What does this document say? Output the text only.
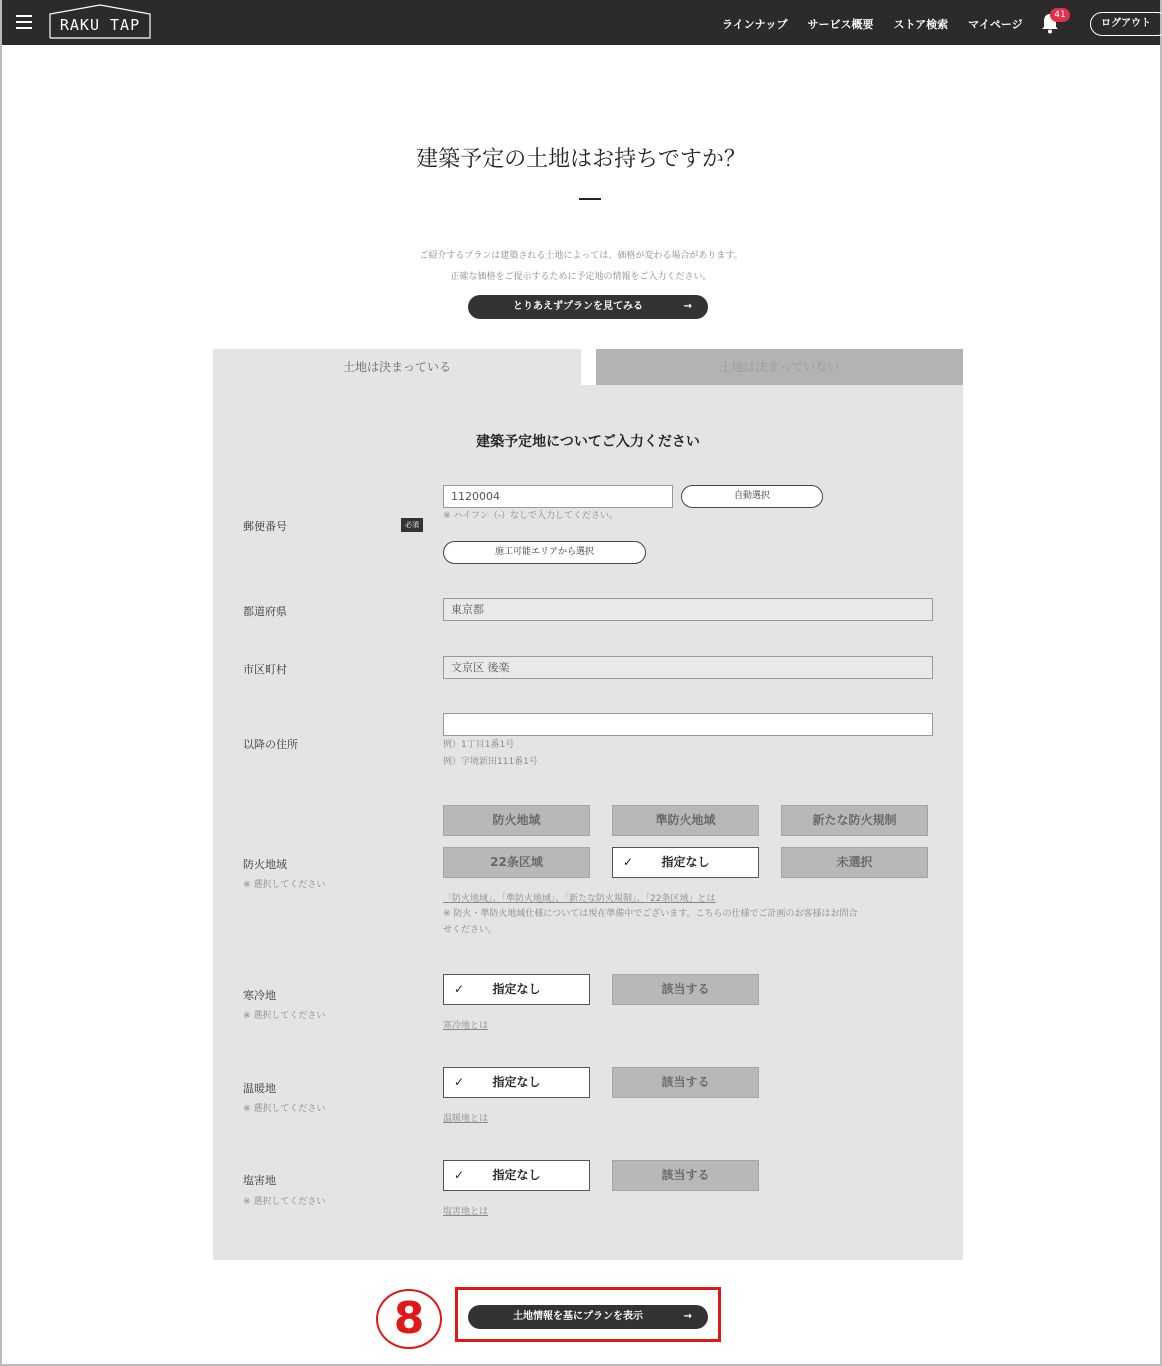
RAKU TAP	ラインナップ サービス概要 ストア検索 マイページ
41
ログアウト
建築予定の土地はお持ちですか？
ご紹介するプランは建築される土地によっては、価格が変わる場合があります。
正確な価格をご提示するために予定地の情報をご入力ください。
とりあえずプランを見てみる	→
土地は決まっている	土地は決まっていない
建築予定地についてご入力ください
郵便番号	必須
1120004	自動選択
※ ハイフン（-）なしで入力してください。
施工可能エリアから選択
都道府県	東京都
市区町村	文京区 後楽
以降の住所	例）1丁目1番1号
例）字境新田111番1号
防火地域
※ 選択してください
防火地域	準防火地域	新たな防火規制
22条区域	✓ 指定なし	未選択
「防火地域」、「準防火地域」、「新たな防火規制」、「22条区域」とは
※ 防火・準防火地域仕様については現在準備中でございます。こちらの仕様でご計画のお客様はお問合
せください。
寒冷地
※ 選択してください
✓ 指定なし	該当する
寒冷地とは
温暖地
※ 選択してください
✓ 指定なし	該当する
温暖地とは
塩害地
※ 選択してください
✓ 指定なし	該当する
塩害地とは
土地情報を基にプランを表示	→
8
